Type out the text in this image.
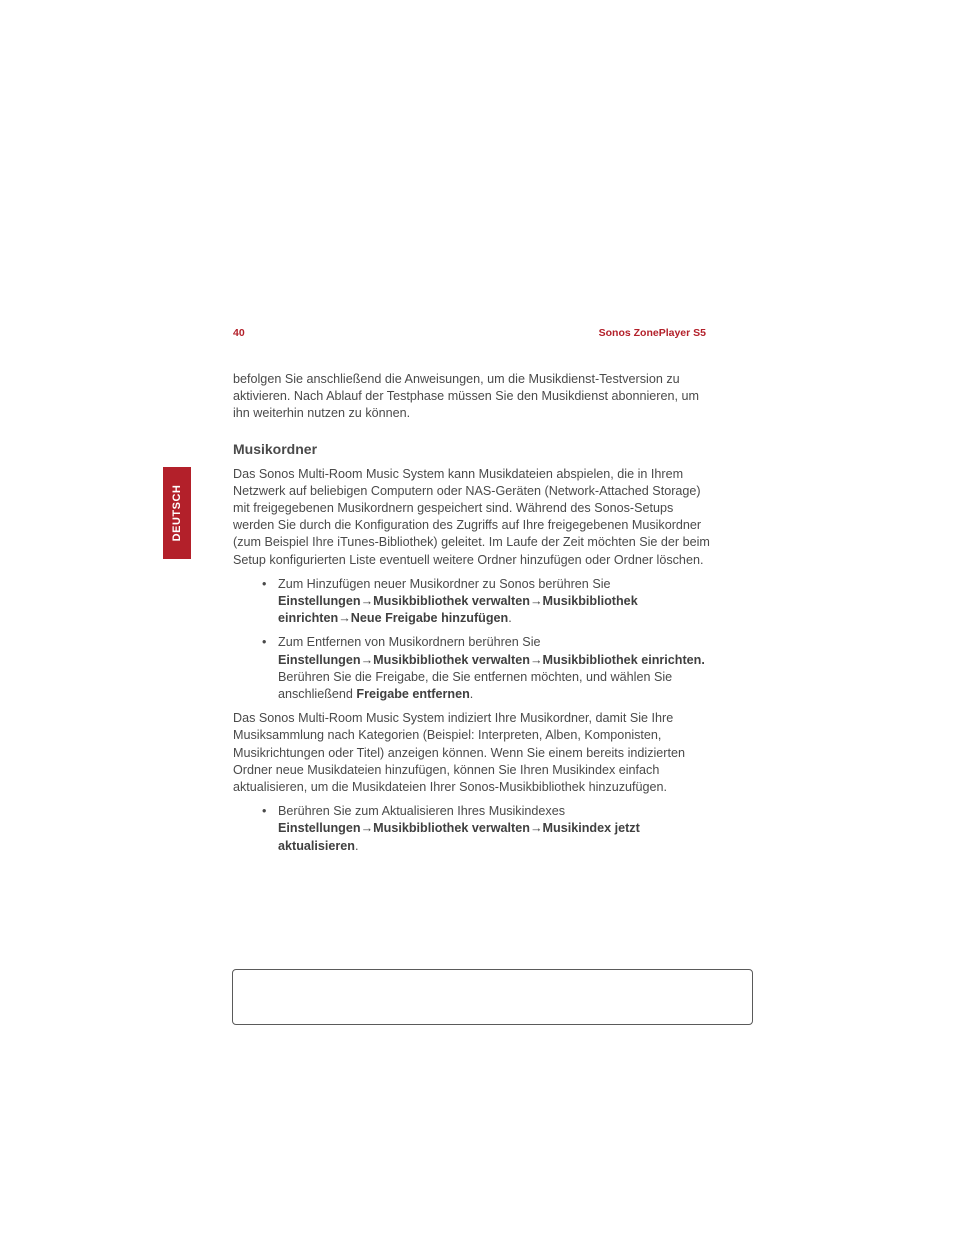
40	Sonos ZonePlayer S5
DEUTSCH

befolgen Sie anschließend die Anweisungen, um die Musikdienst-Testversion zu aktivieren. Nach Ablauf der Testphase müssen Sie den Musikdienst abonnieren, um ihn weiterhin nutzen zu können.

Musikordner

Das Sonos Multi-Room Music System kann Musikdateien abspielen, die in Ihrem Netzwerk auf beliebigen Computern oder NAS-Geräten (Network-Attached Storage) mit freigegebenen Musikordnern gespeichert sind. Während des Sonos-Setups werden Sie durch die Konfiguration des Zugriffs auf Ihre freigegebenen Musikordner (zum Beispiel Ihre iTunes-Bibliothek) geleitet. Im Laufe der Zeit möchten Sie der beim Setup konfigurierten Liste eventuell weitere Ordner hinzufügen oder Ordner löschen.

• Zum Hinzufügen neuer Musikordner zu Sonos berühren Sie
Einstellungen→Musikbibliothek verwalten→Musikbibliothek einrichten→Neue Freigabe hinzufügen.
• Zum Entfernen von Musikordnern berühren Sie
Einstellungen→Musikbibliothek verwalten→Musikbibliothek einrichten.
Berühren Sie die Freigabe, die Sie entfernen möchten, und wählen Sie anschließend Freigabe entfernen.

Das Sonos Multi-Room Music System indiziert Ihre Musikordner, damit Sie Ihre Musiksammlung nach Kategorien (Beispiel: Interpreten, Alben, Komponisten, Musikrichtungen oder Titel) anzeigen können. Wenn Sie einem bereits indizierten Ordner neue Musikdateien hinzufügen, können Sie Ihren Musikindex einfach aktualisieren, um die Musikdateien Ihrer Sonos-Musikbibliothek hinzuzufügen.

• Berühren Sie zum Aktualisieren Ihres Musikindexes
Einstellungen→Musikbibliothek verwalten→Musikindex jetzt aktualisieren.
